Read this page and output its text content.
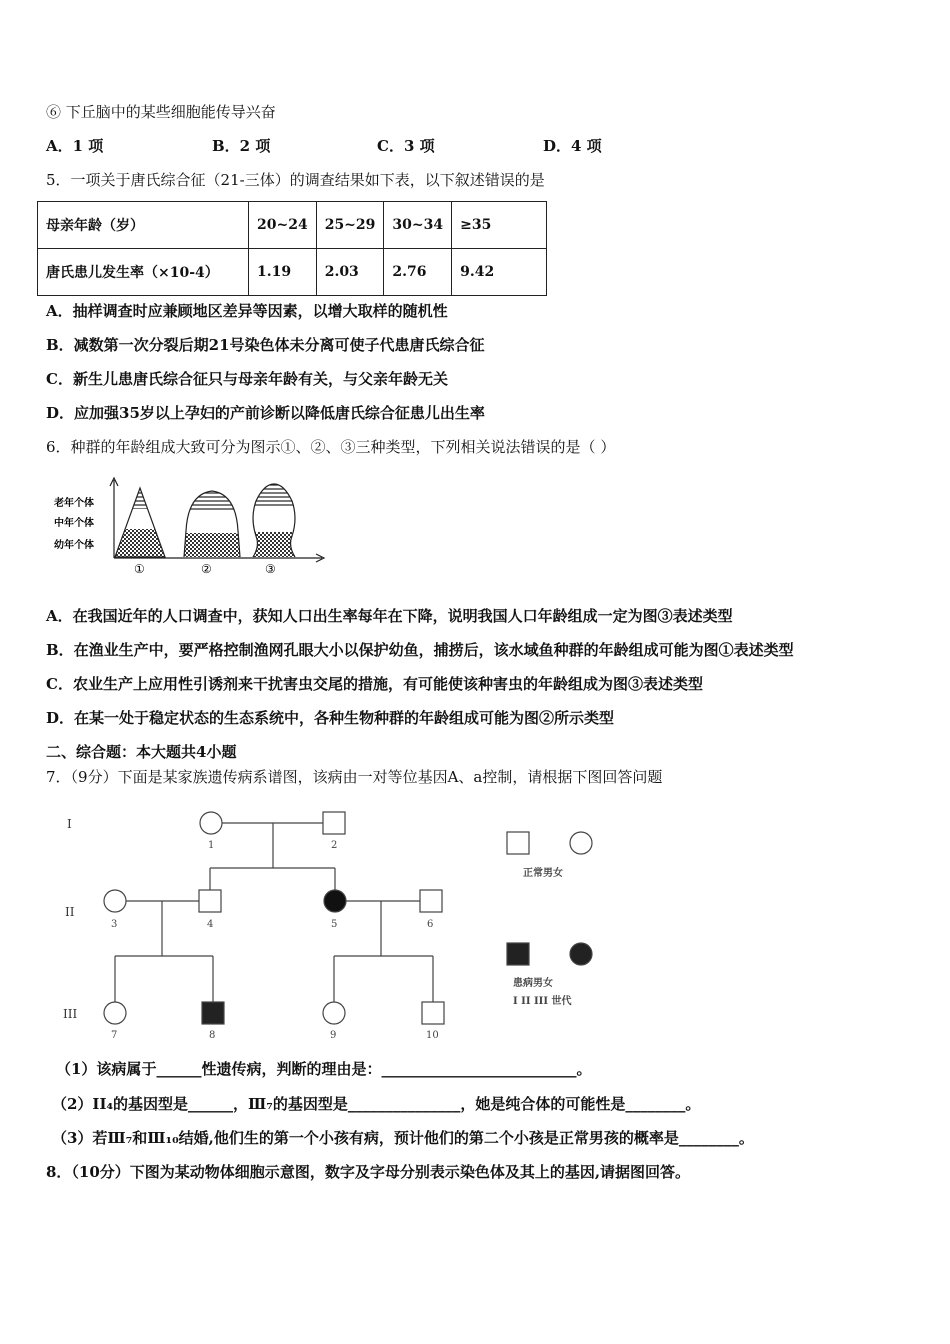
⑥ 下丘脑中的某些细胞能传导兴奋
A．1 项	B．2 项	C．3 项	D．4 项
5．一项关于唐氏综合征（21-三体）的调查结果如下表，以下叙述错误的是
母亲年龄（岁）	20~24	25~29	30~34	≥35
唐氏患儿发生率（×10-4）	1.19	2.03	2.76	9.42
A．抽样调查时应兼顾地区差异等因素，以增大取样的随机性
B．减数第一次分裂后期21号染色体未分离可使子代患唐氏综合征
C．新生儿患唐氏综合征只与母亲年龄有关，与父亲年龄无关
D．应加强35岁以上孕妇的产前诊断以降低唐氏综合征患儿出生率
6．种群的年龄组成大致可分为图示①、②、③三种类型，下列相关说法错误的是（ ）
老年个体
中年个体
幼年个体
①	②	③
A．在我国近年的人口调查中，获知人口出生率每年在下降，说明我国人口年龄组成一定为图③表述类型
B．在渔业生产中，要严格控制渔网孔眼大小以保护幼鱼，捕捞后，该水域鱼种群的年龄组成可能为图①表述类型
C．农业生产上应用性引诱剂来干扰害虫交尾的措施，有可能使该种害虫的年龄组成为图③表述类型
D．在某一处于稳定状态的生态系统中，各种生物种群的年龄组成可能为图②所示类型
二、综合题：本大题共4小题
7．（9分）下面是某家族遗传病系谱图，该病由一对等位基因A、a控制，请根据下图回答问题
I
II
III
1	2
3	4	5	6
7	8	9	10
正常男女
患病男女
I II III 世代
（1）该病属于______性遗传病，判断的理由是：__________________________。
（2）II₄的基因型是______，Ⅲ₇的基因型是_______________，她是纯合体的可能性是________。
（3）若Ⅲ₇和Ⅲ₁₀结婚,他们生的第一个小孩有病，预计他们的第二个小孩是正常男孩的概率是________。
8．（10分）下图为某动物体细胞示意图，数字及字母分别表示染色体及其上的基因,请据图回答。
